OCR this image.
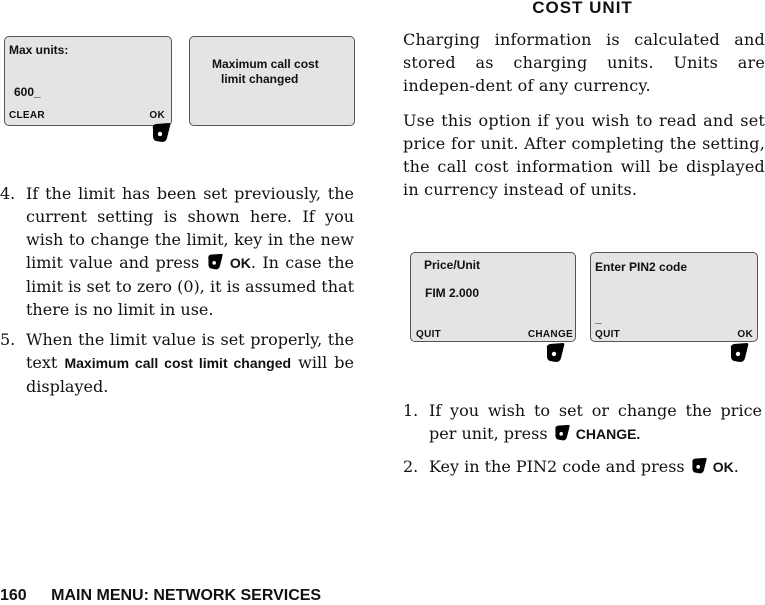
Max units:
600_
CLEAR	OK
Maximum call cost
limit changed
4. If the limit has been set previously, the current setting is shown here. If you wish to change the limit, key in the new limit value and press OK. In case the limit is set to zero (0), it is assumed that there is no limit in use.
5. When the limit value is set properly, the text Maximum call cost limit changed will be displayed.
COST UNIT

Charging information is calculated and stored as charging units. Units are indepen-dent of any currency.

Use this option if you wish to read and set price for unit. After completing the setting, the call cost information will be displayed in currency instead of units.

Price/Unit
FIM 2.000
QUIT	CHANGE
Enter PIN2 code
_
QUIT	OK
1. If you wish to set or change the price per unit, press CHANGE.
2. Key in the PIN2 code and press OK.
160 MAIN MENU: NETWORK SERVICES
